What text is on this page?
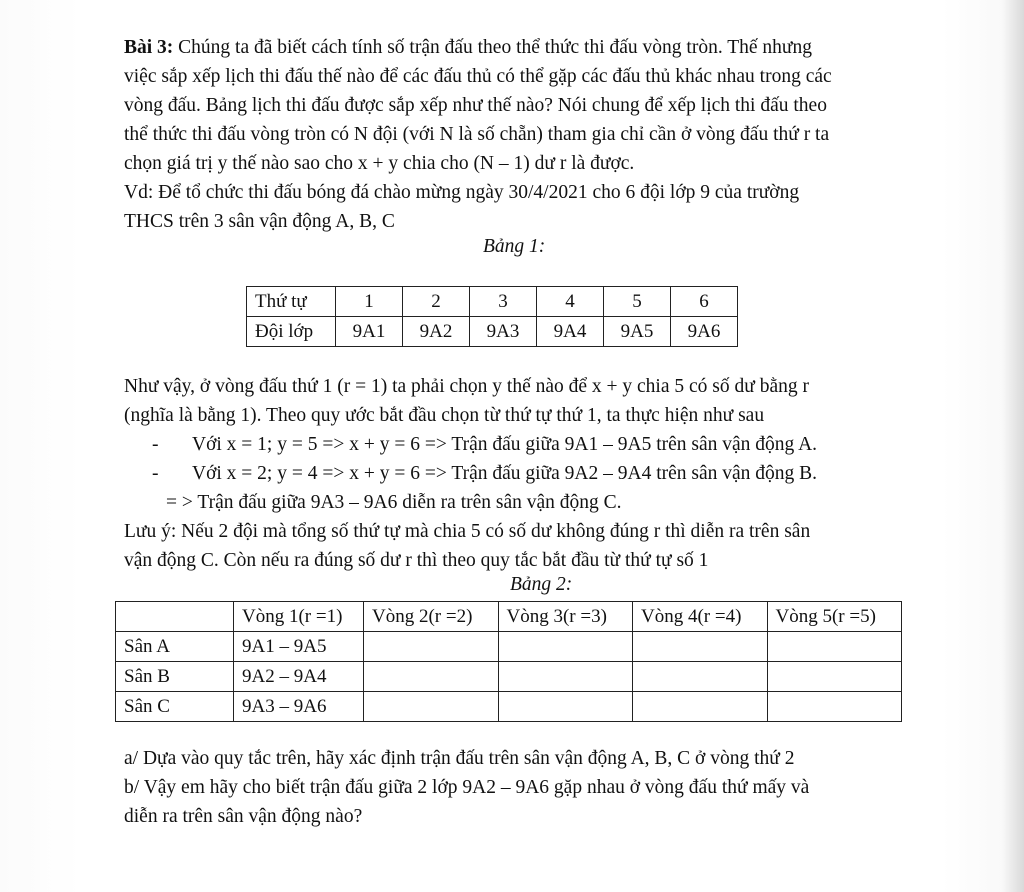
Bài 3: Chúng ta đã biết cách tính số trận đấu theo thể thức thi đấu vòng tròn. Thế nhưng
việc sắp xếp lịch thi đấu thế nào để các đấu thủ có thể gặp các đấu thủ khác nhau trong các
vòng đấu. Bảng lịch thi đấu được sắp xếp như thế nào? Nói chung để xếp lịch thi đấu theo
thể thức thi đấu vòng tròn có N đội (với N là số chẵn) tham gia chỉ cần ở vòng đấu thứ r ta
chọn giá trị y thế nào sao cho x + y chia cho (N – 1) dư r là được.
Vd: Để tổ chức thi đấu bóng đá chào mừng ngày 30/4/2021 cho 6 đội lớp 9 của trường
THCS trên 3 sân vận động A, B, C
Bảng 1:
Thứ tự	1	2	3	4	5	6
Đội lớp	9A1	9A2	9A3	9A4	9A5	9A6
Như vậy, ở vòng đấu thứ 1 (r = 1) ta phải chọn y thế nào để x + y chia 5 có số dư bằng r
(nghĩa là bằng 1). Theo quy ước bắt đầu chọn từ thứ tự thứ 1, ta thực hiện như sau
- Với x = 1; y = 5 => x + y = 6 => Trận đấu giữa 9A1 – 9A5 trên sân vận động A.
- Với x = 2; y = 4 => x + y = 6 => Trận đấu giữa 9A2 – 9A4 trên sân vận động B.
= > Trận đấu giữa 9A3 – 9A6 diễn ra trên sân vận động C.
Lưu ý: Nếu 2 đội mà tổng số thứ tự mà chia 5 có số dư không đúng r thì diễn ra trên sân
vận động C. Còn nếu ra đúng số dư r thì theo quy tắc bắt đầu từ thứ tự số 1
Bảng 2:
	Vòng 1(r =1)	Vòng 2(r =2)	Vòng 3(r =3)	Vòng 4(r =4)	Vòng 5(r =5)
Sân A	9A1 – 9A5				
Sân B	9A2 – 9A4				
Sân C	9A3 – 9A6				
a/ Dựa vào quy tắc trên, hãy xác định trận đấu trên sân vận động A, B, C ở vòng thứ 2
b/ Vậy em hãy cho biết trận đấu giữa 2 lớp 9A2 – 9A6 gặp nhau ở vòng đấu thứ mấy và
diễn ra trên sân vận động nào?
